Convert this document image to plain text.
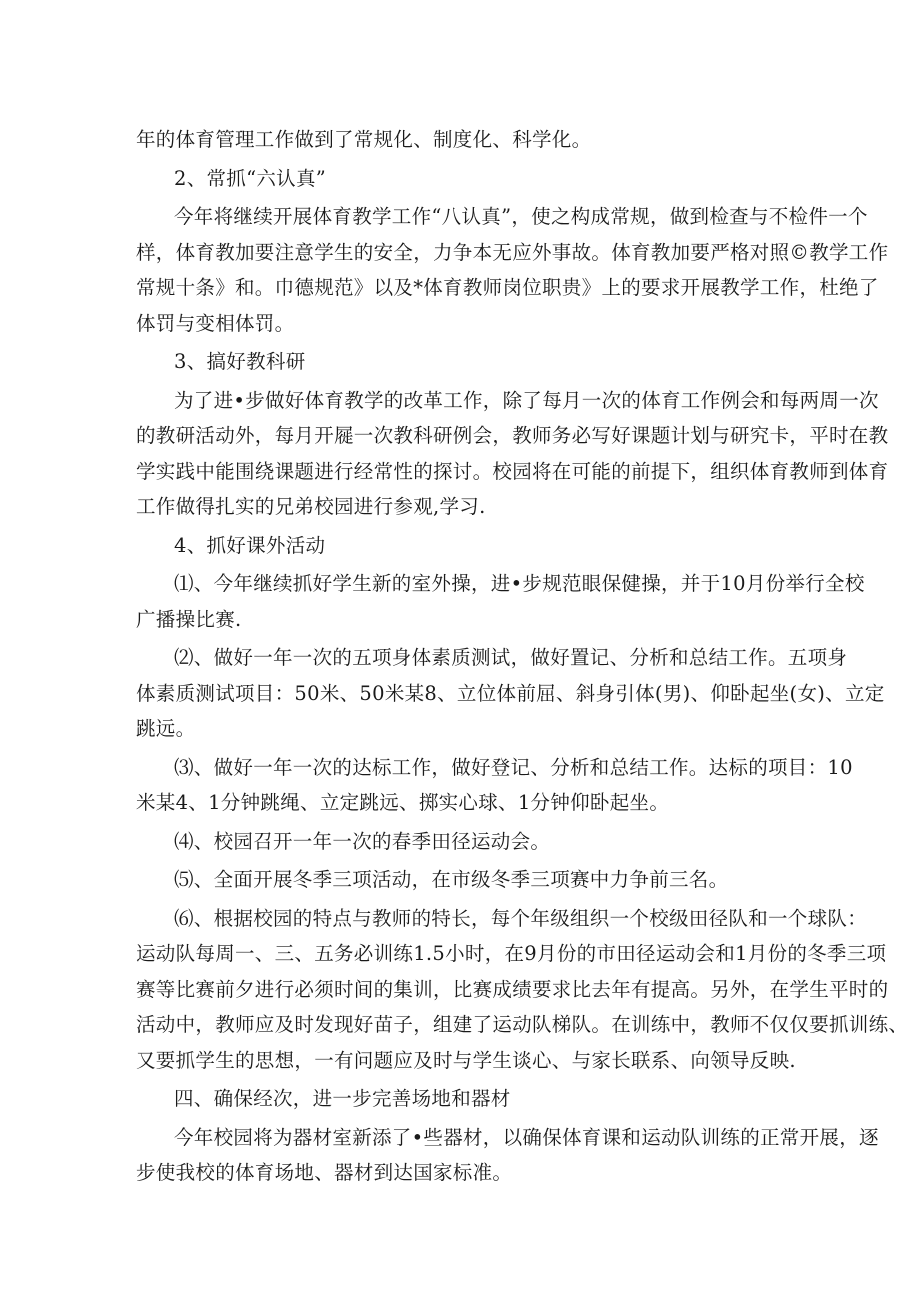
年的体育管理工作做到了常规化、制度化、科学化。
2、常抓“六认真”
今年将继续开展体育教学工作“八认真”，使之构成常规，做到检查与不检件一个
样，体育教加要注意学生的安全，力争本无应外事故。体育教加要严格对照©教学工作
常规十条》和。巾德规范》以及*体育教师岗位职贵》上的要求开展教学工作，杜绝了
体罚与变相体罚。
3、搞好教科研
为了进•步做好体育教学的改革工作，除了每月一次的体育工作例会和每两周一次
的教研活动外，每月开屣一次教科研例会，教师务必写好课题计划与研究卡，平时在教
学实践中能围绕课题进行经常性的探讨。校园将在可能的前提下，组织体育教师到体育
工作做得扎实的兄弟校园进行参观,学习.
4、抓好课外活动
⑴、今年继续抓好学生新的室外操，进•步规范眼保健操，并于10月份举行全校
广播操比赛.
⑵、做好一年一次的五项身体素质测试，做好置记、分析和总结工作。五项身
体素质测试项目：50米、50米某8、立位体前屈、斜身引体(男)、仰卧起坐(女)、立定
跳远。
⑶、做好一年一次的达标工作，做好登记、分析和总结工作。达标的项目：10
米某4、1分钟跳绳、立定跳远、掷实心球、1分钟仰卧起坐。
⑷、校园召开一年一次的春季田径运动会。
⑸、全面开展冬季三项活动，在市级冬季三项赛中力争前三名。
⑹、根据校园的特点与教师的特长，每个年级组织一个校级田径队和一个球队：
运动队每周一、三、五务必训练1.5小时，在9月份的市田径运动会和1月份的冬季三项
赛等比赛前夕进行必须时间的集训，比赛成绩要求比去年有提高。另外，在学生平时的
活动中，教师应及时发现好苗子，组建了运动队梯队。在训练中，教师不仅仅要抓训练、
又要抓学生的思想，一有问题应及时与学生谈心、与家长联系、向领导反映.
四、确保经次，进一步完善场地和器材
今年校园将为器材室新添了•些器材，以确保体育课和运动队训练的正常开展，逐
步使我校的体育场地、器材到达国家标准。
